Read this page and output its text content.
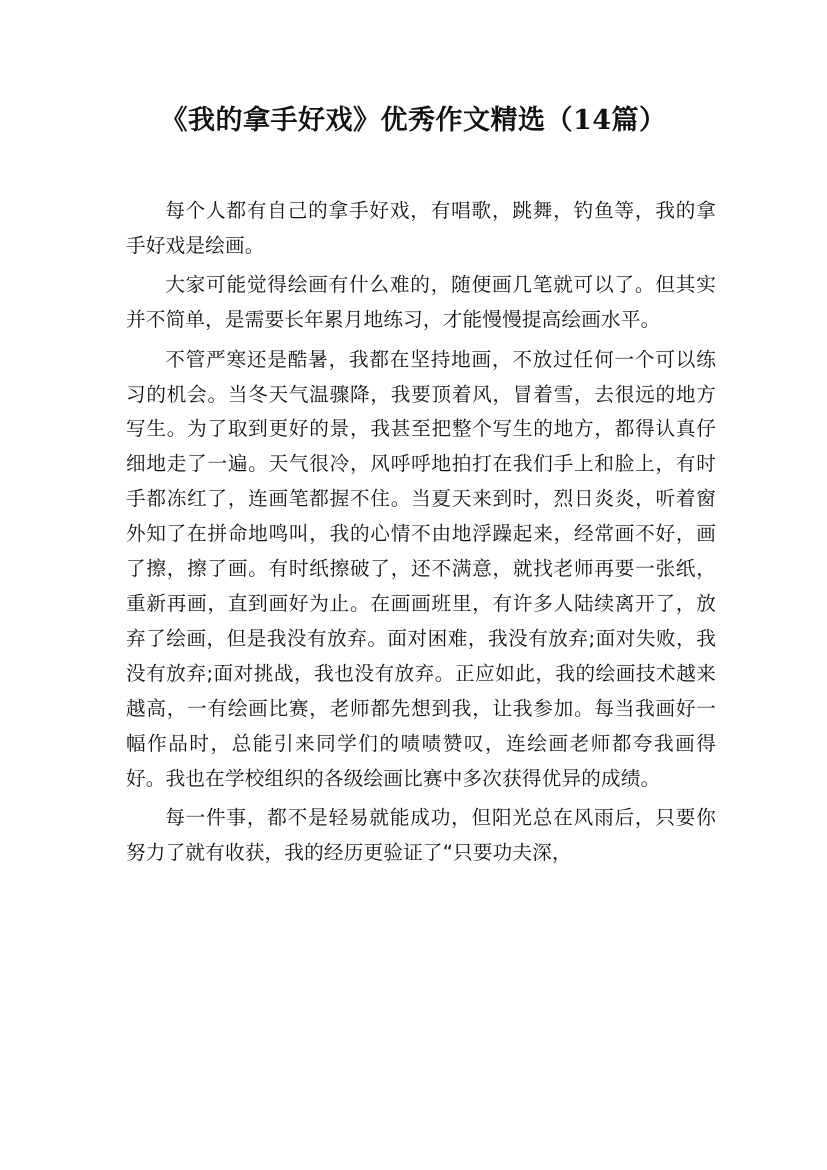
《我的拿手好戏》优秀作文精选（14篇）

每个人都有自己的拿手好戏，有唱歌，跳舞，钓鱼等，我的拿手好戏是绘画。

大家可能觉得绘画有什么难的，随便画几笔就可以了。但其实并不简单，是需要长年累月地练习，才能慢慢提高绘画水平。

不管严寒还是酷暑，我都在坚持地画，不放过任何一个可以练习的机会。当冬天气温骤降，我要顶着风，冒着雪，去很远的地方写生。为了取到更好的景，我甚至把整个写生的地方，都得认真仔细地走了一遍。天气很冷，风呼呼地拍打在我们手上和脸上，有时手都冻红了，连画笔都握不住。当夏天来到时，烈日炎炎，听着窗外知了在拼命地鸣叫，我的心情不由地浮躁起来，经常画不好，画了擦，擦了画。有时纸擦破了，还不满意，就找老师再要一张纸，重新再画，直到画好为止。在画画班里，有许多人陆续离开了，放弃了绘画，但是我没有放弃。面对困难，我没有放弃;面对失败，我没有放弃;面对挑战，我也没有放弃。正应如此，我的绘画技术越来越高，一有绘画比赛，老师都先想到我，让我参加。每当我画好一幅作品时，总能引来同学们的啧啧赞叹，连绘画老师都夸我画得好。我也在学校组织的各级绘画比赛中多次获得优异的成绩。

每一件事，都不是轻易就能成功，但阳光总在风雨后，只要你努力了就有收获，我的经历更验证了“只要功夫深，
